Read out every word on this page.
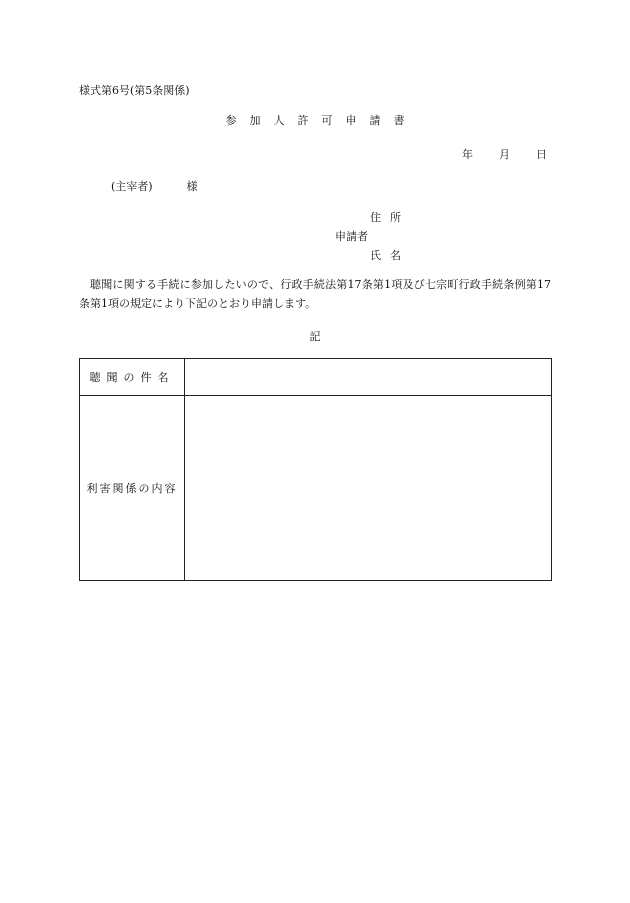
様式第6号(第5条関係)
参加人許可申請書
年 月 日
(主宰者)	様
住所
申請者
氏名
聴聞に関する手続に参加したいので、行政手続法第17条第1項及び七宗町行政手続条例第17条第1項の規定により下記のとおり申請します。
記
聴聞の件名	
利害関係の内容	
